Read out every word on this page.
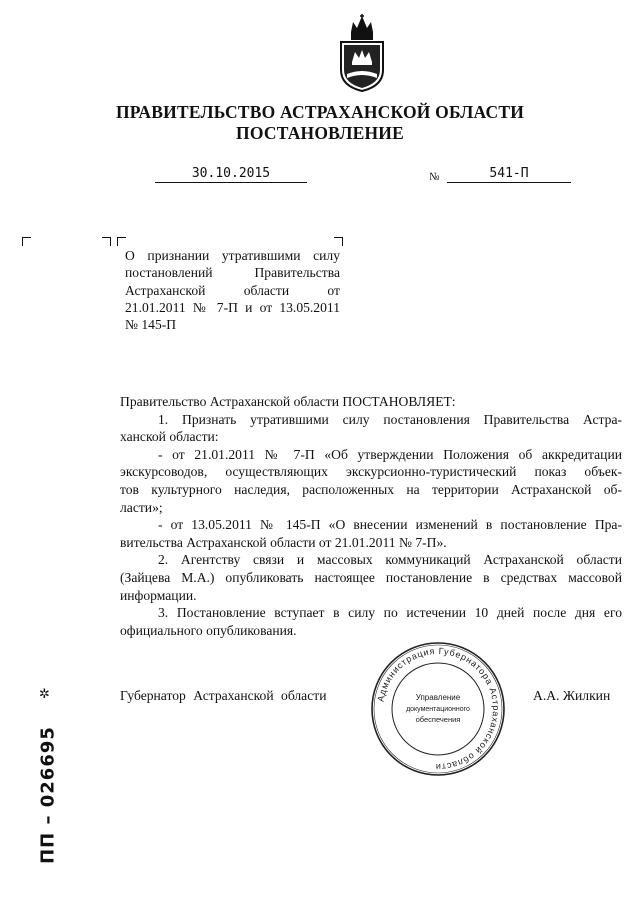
ПРАВИТЕЛЬСТВО АСТРАХАНСКОЙ ОБЛАСТИ
ПОСТАНОВЛЕНИЕ
30.10.2015	№	541-П
О признании утратившими силу
постановлений Правительства
Астраханской области от
21.01.2011 № 7-П и от 13.05.2011
№ 145-П

Правительство Астраханской области ПОСТАНОВЛЯЕТ:

1. Признать утратившими силу постановления Правительства Астра-

ханской области:

- от 21.01.2011 № 7-П «Об утверждении Положения об аккредитации

экскурсоводов, осуществляющих экскурсионно-туристический показ объек-

тов культурного наследия, расположенных на территории Астраханской об-

ласти»;

- от 13.05.2011 № 145-П «О внесении изменений в постановление Пра-

вительства Астраханской области от 21.01.2011 № 7-П».

2. Агентству связи и массовых коммуникаций Астраханской области

(Зайцева М.А.) опубликовать настоящее постановление в средствах массовой

информации.

3. Постановление вступает в силу по истечении 10 дней после дня его

официального опубликования.

Губернатор Астраханской области	А.А. Жилкин
Администрация Губернатора Астраханской области
Управление
документационного
обеспечения
✲
ПП – 026695
